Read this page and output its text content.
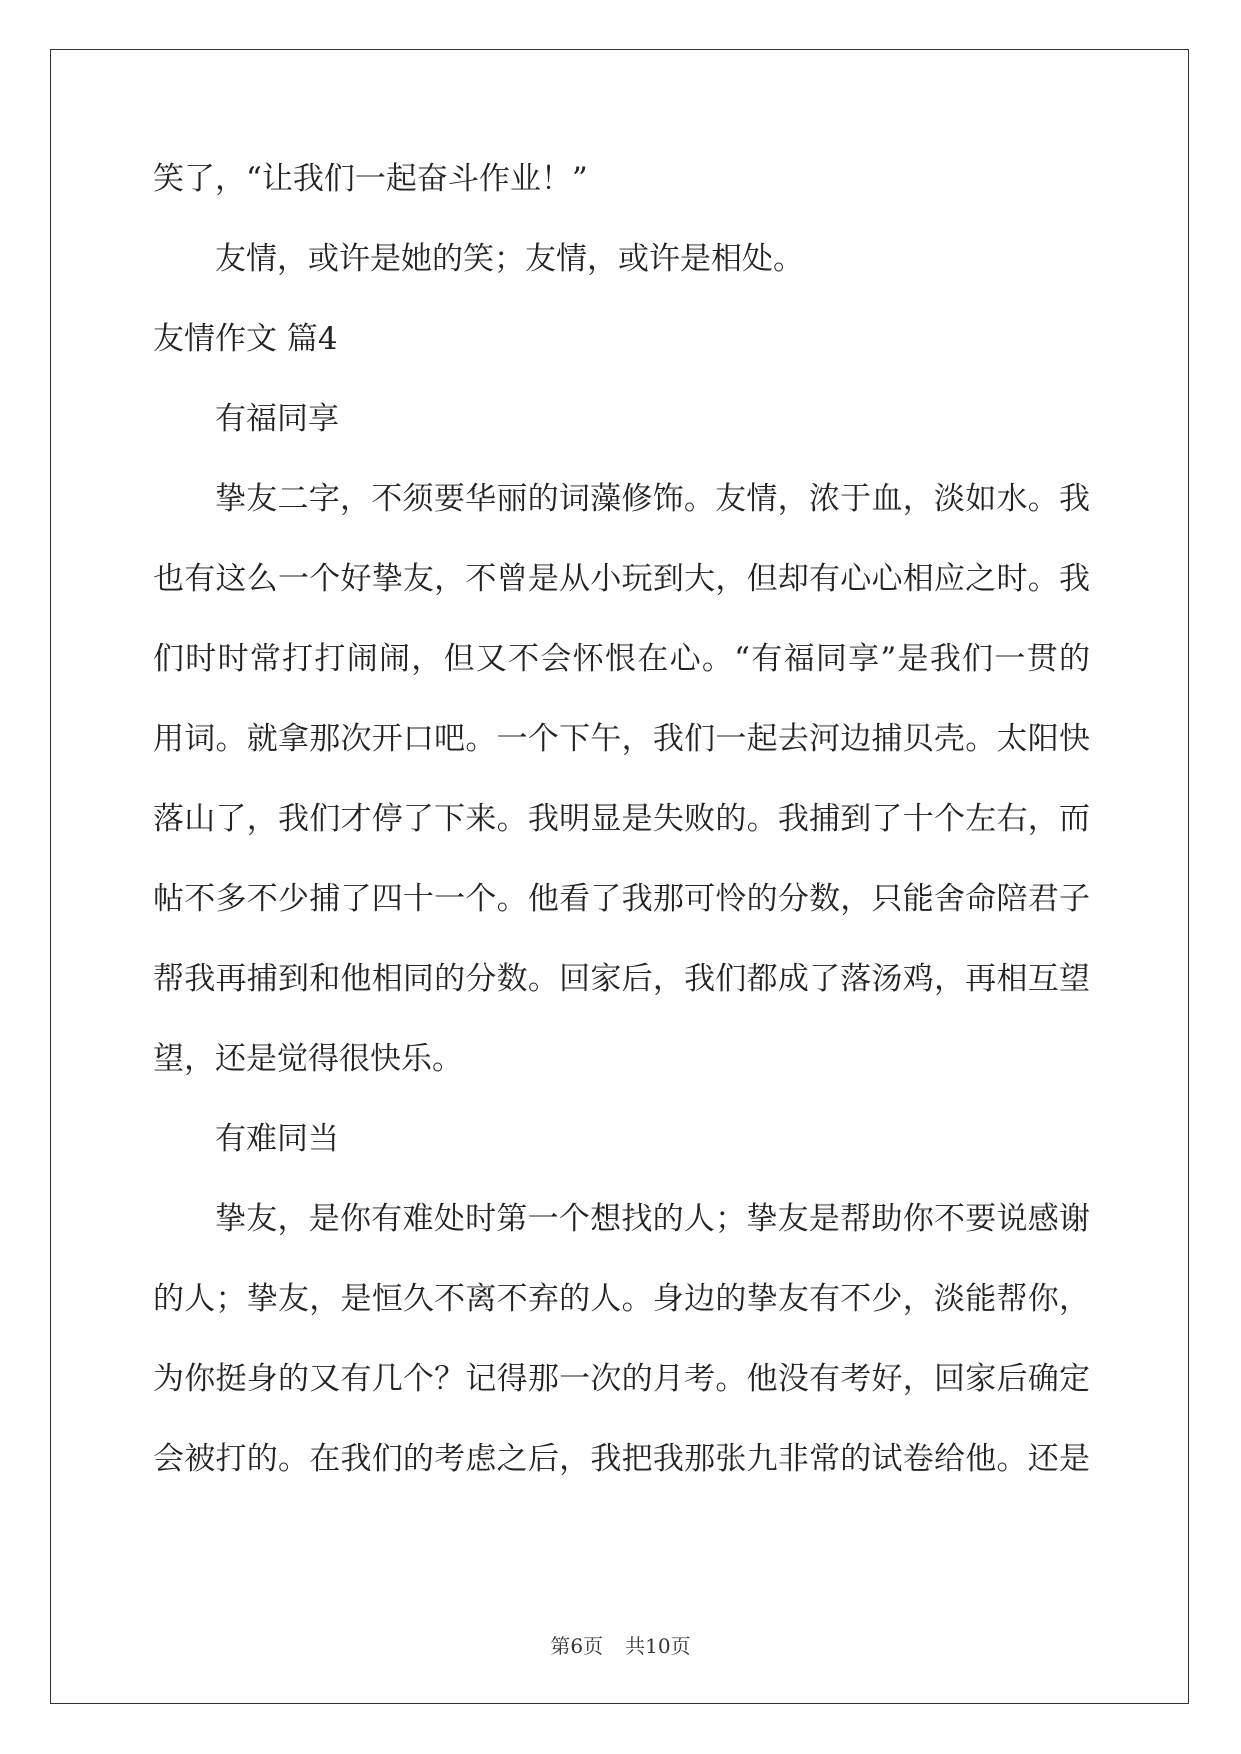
笑了，“让我们一起奋斗作业！”
友情，或许是她的笑；友情，或许是相处。
友情作文 篇4
有福同享
挚友二字，不须要华丽的词藻修饰。友情，浓于血，淡如水。我
也有这么一个好挚友，不曾是从小玩到大，但却有心心相应之时。我
们时时常打打闹闹，但又不会怀恨在心。“有福同享”是我们一贯的
用词。就拿那次开口吧。一个下午，我们一起去河边捕贝壳。太阳快
落山了，我们才停了下来。我明显是失败的。我捕到了十个左右，而
帖不多不少捕了四十一个。他看了我那可怜的分数，只能舍命陪君子
帮我再捕到和他相同的分数。回家后，我们都成了落汤鸡，再相互望
望，还是觉得很快乐。
有难同当
挚友，是你有难处时第一个想找的人；挚友是帮助你不要说感谢
的人；挚友，是恒久不离不弃的人。身边的挚友有不少，淡能帮你，
为你挺身的又有几个？记得那一次的月考。他没有考好，回家后确定
会被打的。在我们的考虑之后，我把我那张九非常的试卷给他。还是
第6页 共10页
